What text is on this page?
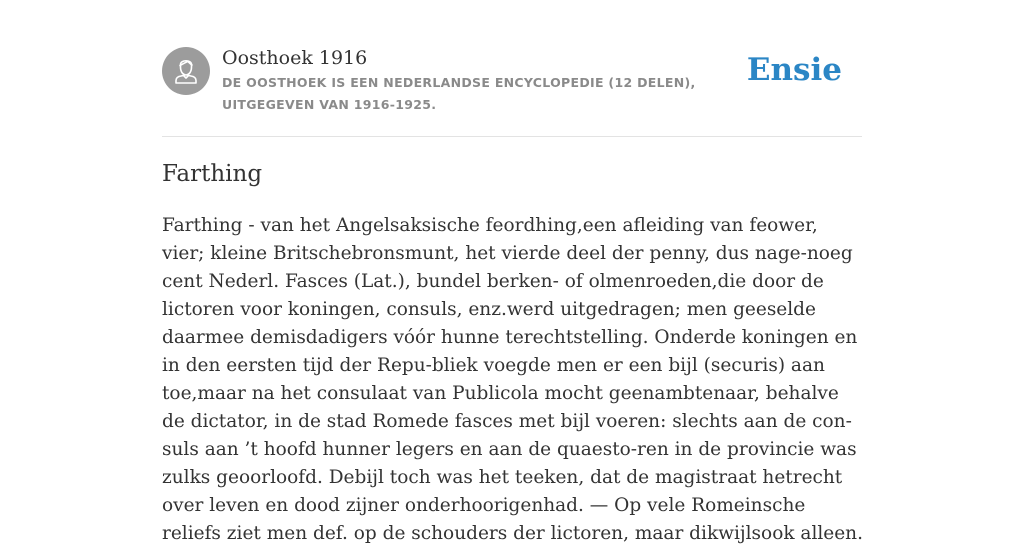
Oosthoek 1916
DE OOSTHOEK IS EEN NEDERLANDSE ENCYCLOPEDIE (12 DELEN), UITGEGEVEN VAN 1916-1925.
Ensie
Farthing

Farthing - van het Angelsaksische feordhing,een afleiding van feower, vier; kleine Britschebronsmunt, het vierde deel der penny, dus nage-noeg cent Nederl. Fasces (Lat.), bundel berken- of olmenroeden,die door de lictoren voor koningen, consuls, enz.werd uitgedragen; men geeselde daarmee demisdadigers vóór hunne terechtstelling. Onderde koningen en in den eersten tijd der Repu-bliek voegde men er een bijl (securis) aan toe,maar na het consulaat van Publicola mocht geenambtenaar, behalve de dictator, in de stad Romede fasces met bijl voeren: slechts aan de con-suls aan ’t hoofd hunner legers en aan de quaesto-ren in de provincie was zulks geoorloofd. Debijl toch was het teeken, dat de magistraat hetrecht over leven en dood zijner onderhoorigenhad. — Op vele Romeinsche reliefs ziet men def. op de schouders der lictoren, maar dikwijlsook alleen.
